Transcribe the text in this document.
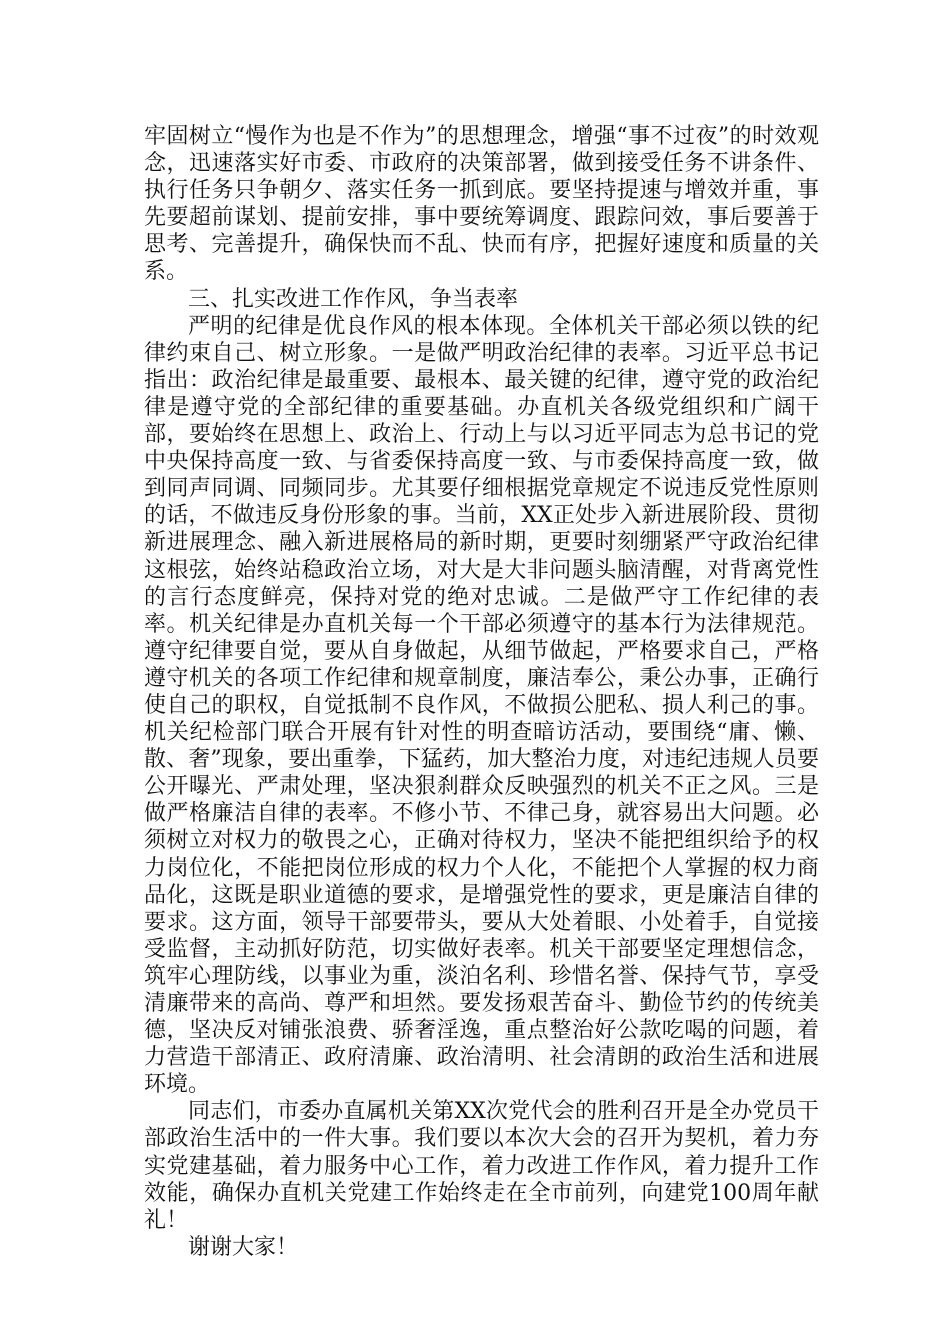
牢固树立“慢作为也是不作为”的思想理念，增强“事不过夜”的时效观念，迅速落实好市委、市政府的决策部署，做到接受任务不讲条件、执行任务只争朝夕、落实任务一抓到底。要坚持提速与增效并重，事先要超前谋划、提前安排，事中要统筹调度、跟踪问效，事后要善于思考、完善提升，确保快而不乱、快而有序，把握好速度和质量的关系。

三、扎实改进工作作风，争当表率

严明的纪律是优良作风的根本体现。全体机关干部必须以铁的纪律约束自己、树立形象。一是做严明政治纪律的表率。习近平总书记指出：政治纪律是最重要、最根本、最关键的纪律，遵守党的政治纪律是遵守党的全部纪律的重要基础。办直机关各级党组织和广阔干部，要始终在思想上、政治上、行动上与以习近平同志为总书记的党中央保持高度一致、与省委保持高度一致、与市委保持高度一致，做到同声同调、同频同步。尤其要仔细根据党章规定不说违反党性原则的话，不做违反身份形象的事。当前，XX正处步入新进展阶段、贯彻新进展理念、融入新进展格局的新时期，更要时刻绷紧严守政治纪律这根弦，始终站稳政治立场，对大是大非问题头脑清醒，对背离党性的言行态度鲜亮，保持对党的绝对忠诚。二是做严守工作纪律的表率。机关纪律是办直机关每一个干部必须遵守的基本行为法律规范。遵守纪律要自觉，要从自身做起，从细节做起，严格要求自己，严格遵守机关的各项工作纪律和规章制度，廉洁奉公，秉公办事，正确行使自己的职权，自觉抵制不良作风，不做损公肥私、损人利己的事。机关纪检部门联合开展有针对性的明查暗访活动，要围绕“庸、懒、散、奢”现象，要出重拳，下猛药，加大整治力度，对违纪违规人员要公开曝光、严肃处理，坚决狠刹群众反映强烈的机关不正之风。三是做严格廉洁自律的表率。不修小节、不律己身，就容易出大问题。必须树立对权力的敬畏之心，正确对待权力，坚决不能把组织给予的权力岗位化，不能把岗位形成的权力个人化，不能把个人掌握的权力商品化，这既是职业道德的要求，是增强党性的要求，更是廉洁自律的要求。这方面，领导干部要带头，要从大处着眼、小处着手，自觉接受监督，主动抓好防范，切实做好表率。机关干部要坚定理想信念，筑牢心理防线，以事业为重，淡泊名利、珍惜名誉、保持气节，享受清廉带来的高尚、尊严和坦然。要发扬艰苦奋斗、勤俭节约的传统美德，坚决反对铺张浪费、骄奢淫逸，重点整治好公款吃喝的问题，着力营造干部清正、政府清廉、政治清明、社会清朗的政治生活和进展环境。

同志们，市委办直属机关第XX次党代会的胜利召开是全办党员干部政治生活中的一件大事。我们要以本次大会的召开为契机，着力夯实党建基础，着力服务中心工作，着力改进工作作风，着力提升工作效能，确保办直机关党建工作始终走在全市前列，向建党100周年献礼！

谢谢大家！
